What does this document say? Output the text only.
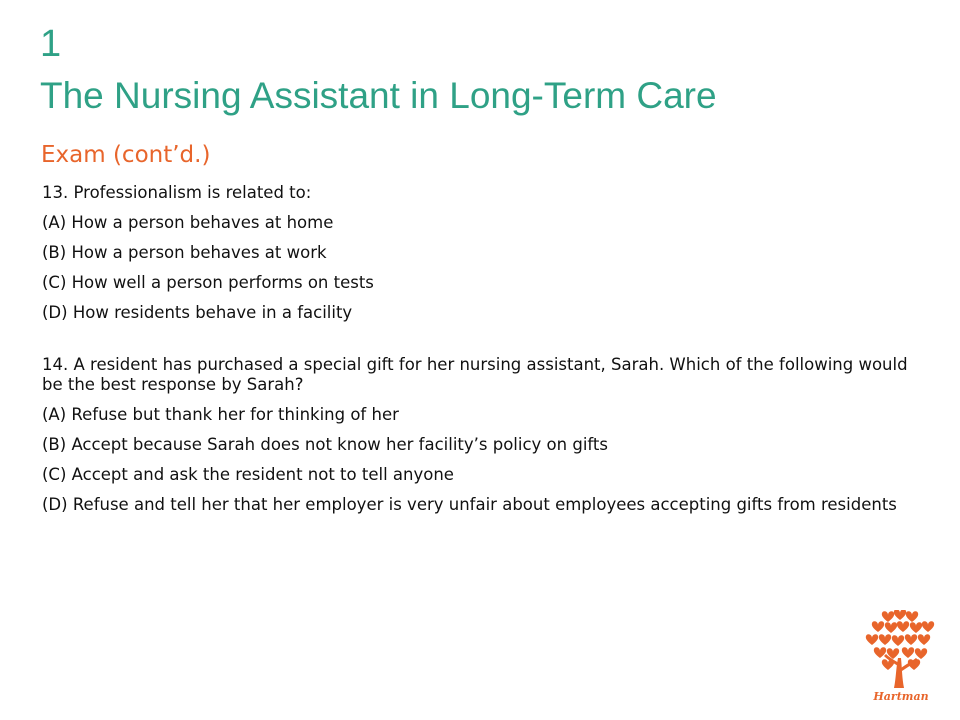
1
The Nursing Assistant in Long-Term Care
Exam (cont’d.)

13. Professionalism is related to:

(A) How a person behaves at home

(B) How a person behaves at work

(C) How well a person performs on tests

(D) How residents behave in a facility

14. A resident has purchased a special gift for her nursing assistant, Sarah. Which of the following would be the best response by Sarah?

(A) Refuse but thank her for thinking of her

(B) Accept because Sarah does not know her facility’s policy on gifts

(C) Accept and ask the resident not to tell anyone

(D) Refuse and tell her that her employer is very unfair about employees accepting gifts from residents

Hartman
